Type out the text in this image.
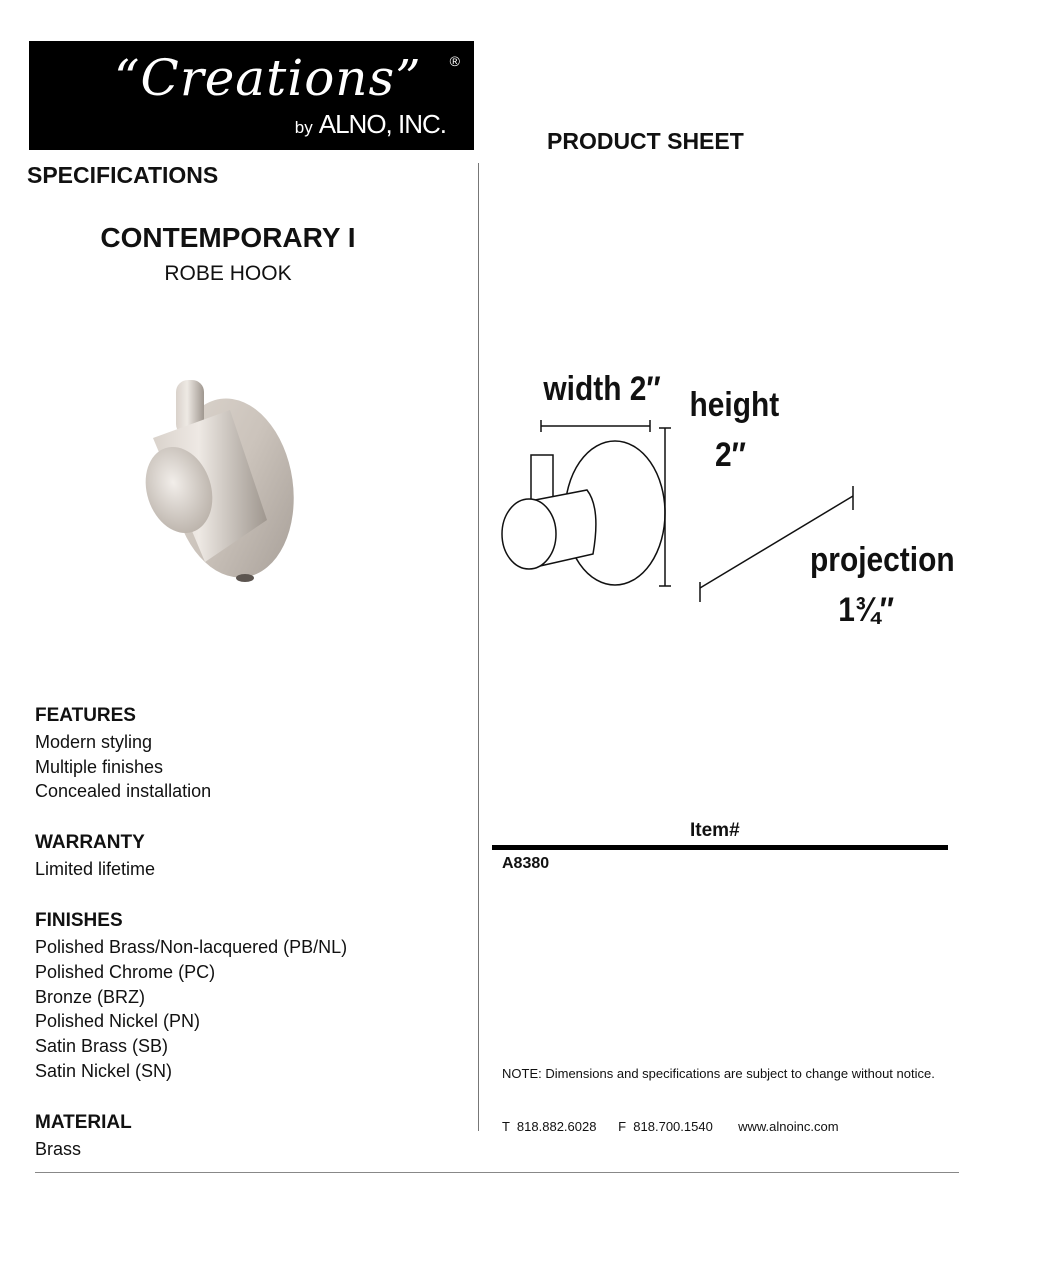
“Creations” ®
by ALNO, INC.
PRODUCT SHEET
SPECIFICATIONS
CONTEMPORARY I
ROBE HOOK
width 2″ height
2″
projection
1¾″
FEATURES
Modern styling
Multiple finishes
Concealed installation
WARRANTY
Limited lifetime
FINISHES
Polished Brass/Non-lacquered (PB/NL)
Polished Chrome (PC)
Bronze (BRZ)
Polished Nickel (PN)
Satin Brass (SB)
Satin Nickel (SN)
MATERIAL
Brass
Item#
A8380
NOTE: Dimensions and specifications are subject to change without notice.
T  818.882.6028      F  818.700.1540       www.alnoinc.com
